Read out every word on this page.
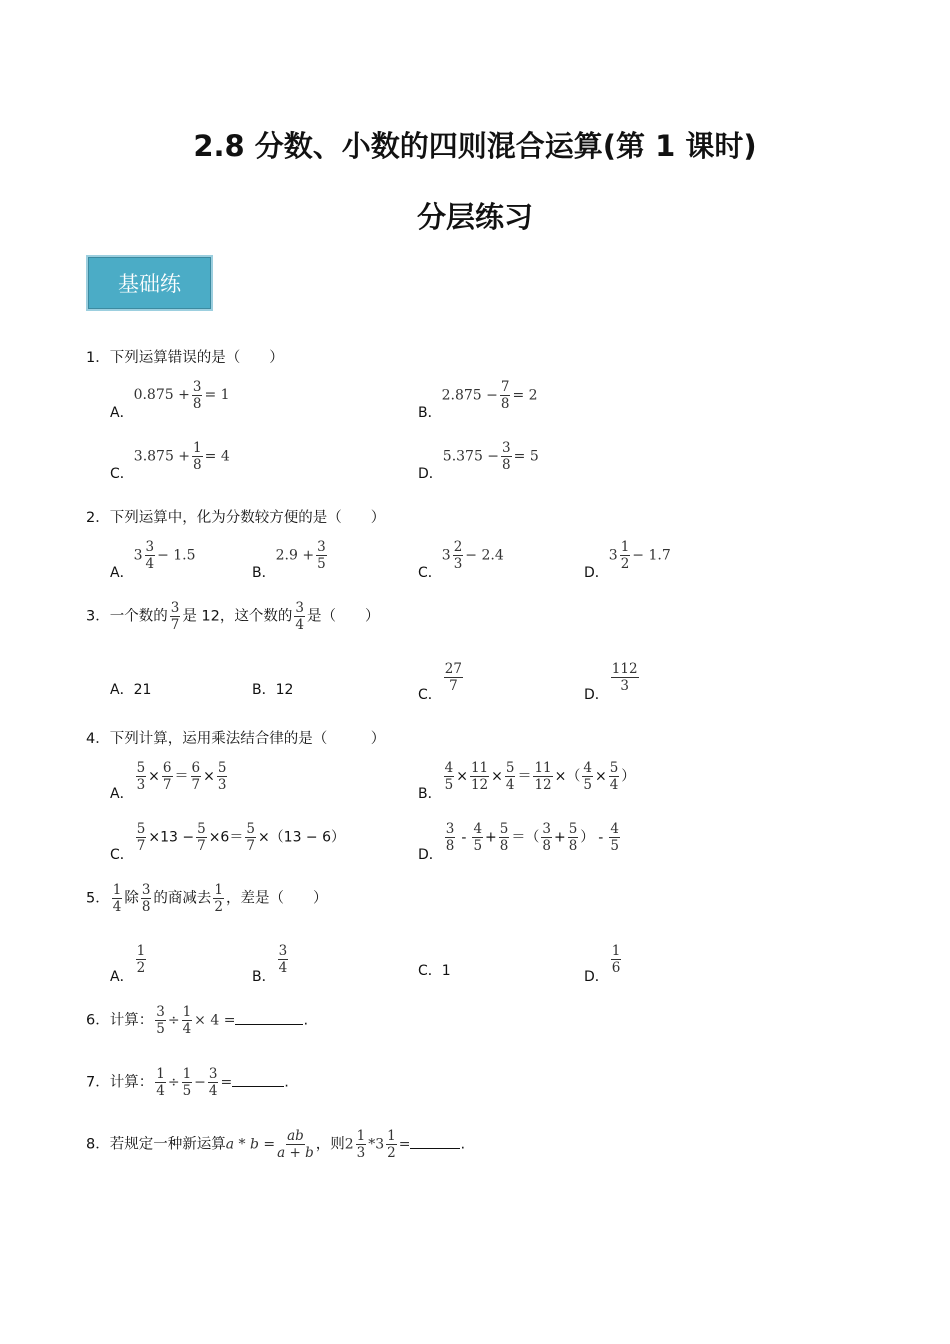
2.8 分数、小数的四则混合运算(第 1 课时)
分层练习
基础练
1．下列运算错误的是（　　）
A．$0.875 + \frac{3}{8} = 1$
B．$2.875 - \frac{7}{8} = 2$
C．$3.875 + \frac{1}{8} = 4$
D．$5.375 - \frac{3}{8} = 5$
2．下列运算中，化为分数较方便的是（　　）
A．$3 \frac{3}{4} - 1.5$
B．$2.9 + \frac{3}{5}$
C．$3 \frac{2}{3} - 2.4$
D．$3 \frac{1}{2} - 1.7$
3．一个数的 $\frac{3}{7}$ 是 12，这个数的 $\frac{3}{4}$ 是（　　）
A．21	B．12	C．
$\frac{27}{7}$
D．
$\frac{112}{3}$
4．下列计算，运用乘法结合律的是（　　　）
A．
$\frac{5}{3} \times \frac{6}{7} = \frac{6}{7} \times \frac{5}{3}$
B．
$\frac{4}{5} \times \frac{11}{12} \times \frac{5}{4} = \frac{11}{12}$ ×（ $\frac{4}{5} \times \frac{5}{4}$ ）
C．
$\frac{5}{7} \times 13 - \frac{5}{7} \times 6= \frac{5}{7} \times(13 - 6)$
D．
$\frac{3}{8} - \frac{4}{5} + \frac{5}{8}$ ＝（ $\frac{3}{8} + \frac{5}{8}$ ） - $\frac{4}{5}$
5． $\frac{1}{4}$ 除 $\frac{3}{8}$ 的商减去 $\frac{1}{2}$ ，差是（　　）
A．
$\frac{1}{2}$
B．
$\frac{3}{4}$	C．1	D．
$\frac{1}{6}$
6．计算： $\frac{3}{5} \div \frac{1}{4} \times 4$ =	.
7．计算： $\frac{1}{4} \div \frac{1}{5} - \frac{3}{4}$ =	.
8．若规定一种新运算$a * b = \frac{ab}{a + b}$ ，则$2 \frac{1}{3} *3 \frac{1}{2}$ =	.
